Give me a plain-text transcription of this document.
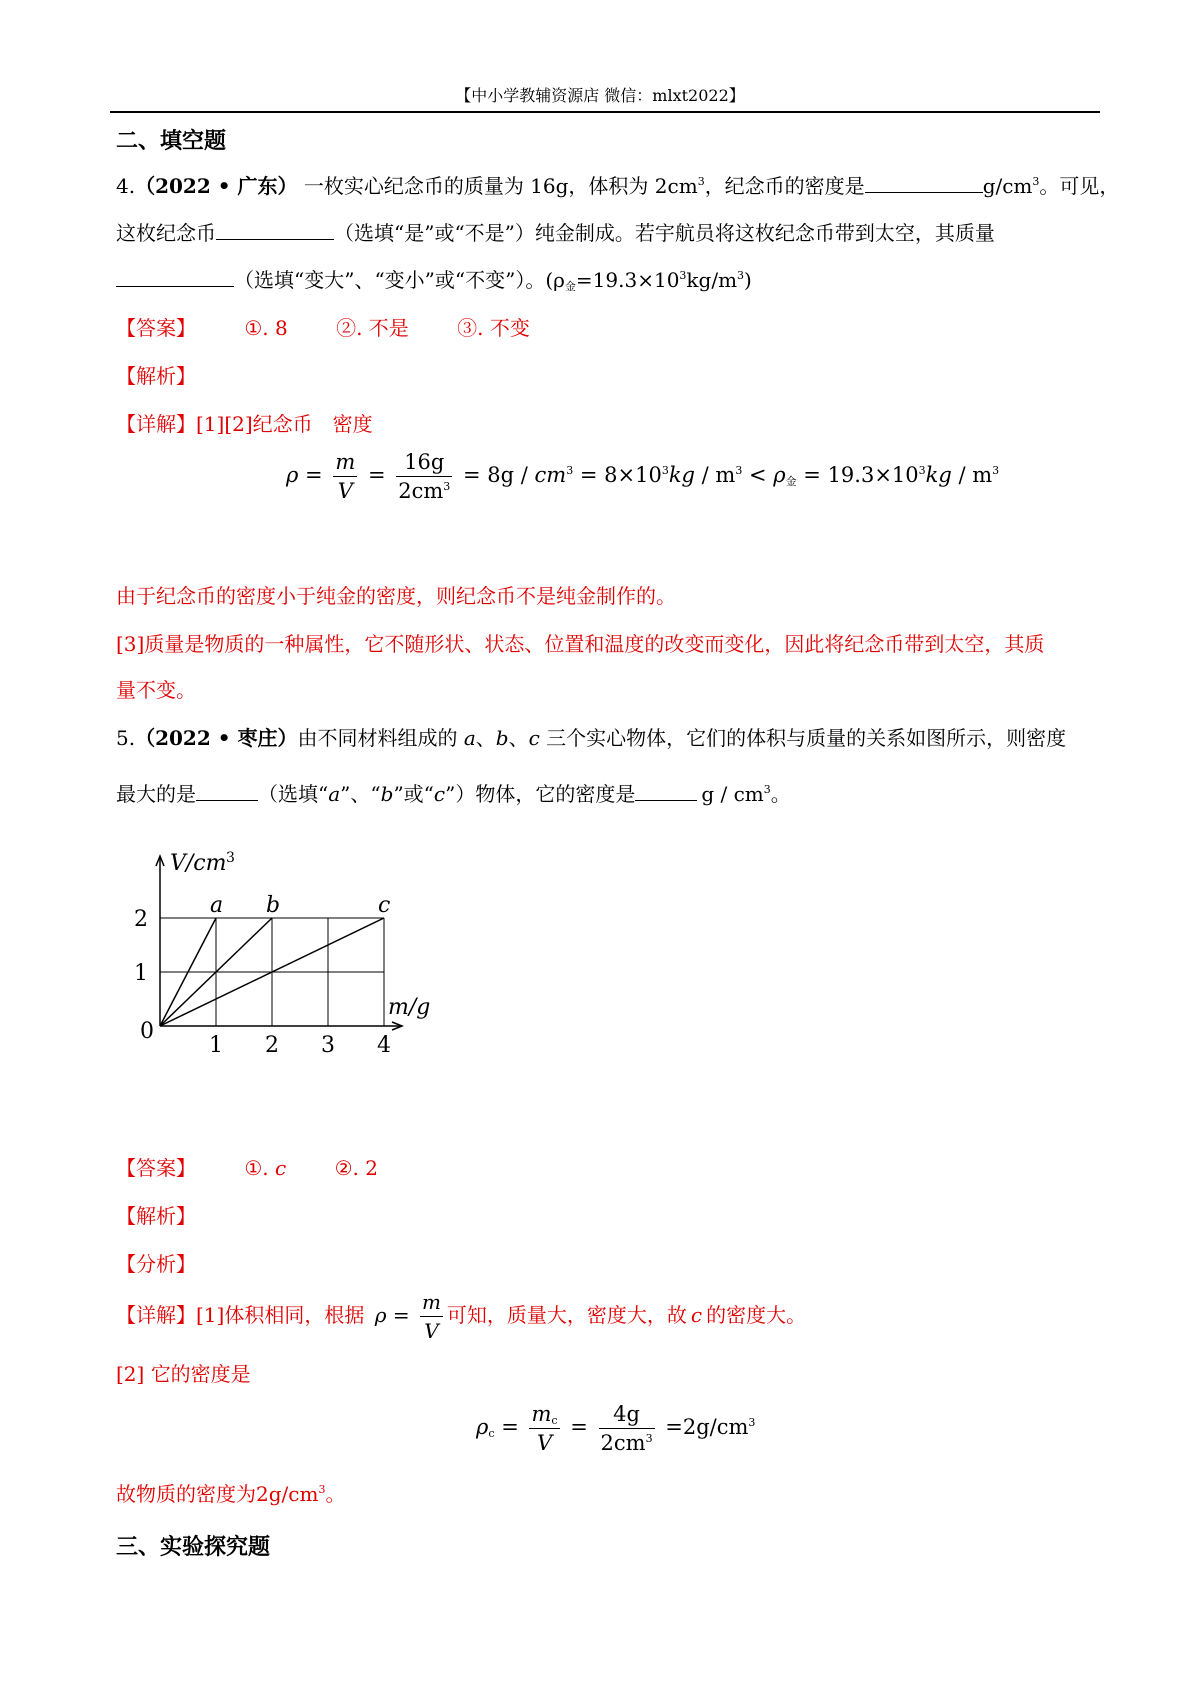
【中小学教辅资源店 微信：mlxt2022】
二、填空题
4.（2022 • 广东） 一枚实心纪念币的质量为 16g，体积为 $2cm^3$，纪念币的密度是	$g/cm^3$。可见，
这枚纪念币	（选填“是”或“不是”）纯金制成。若宇航员将这枚纪念币带到太空，其质量
（选填“变大”、“变小”或“不变”）。$(\rho_金=19.3\times 10^3kg/m^3)$
【答案】 ①. 8 ②. 不是 ③. 不变
【解析】
【详解】[1][2]纪念币　密度
$\rho = \frac{m}{V} = \frac{16g}{2cm^3} = 8g / cm^3 = 8\times 10^3kg / m^3 < \rho_金 = 19.3\times 10^3kg / m^3$
由于纪念币的密度小于纯金的密度，则纪念币不是纯金制作的。
[3]质量是物质的一种属性，它不随形状、状态、位置和温度的改变而变化，因此将纪念币带到太空，其质
量不变。
5.（2022 • 枣庄）由不同材料组成的 a、b、c 三个实心物体，它们的体积与质量的关系如图所示，则密度
最大的是	（选填“a”、“b”或“c”）物体，它的密度是	g / $cm^3$。
V/cm 3
m/g
0
1 2 3 4
1
2
a b	c
【答案】 ①. c ②. 2
【解析】
【分析】
【详解】[1]体积相同，根据 $\rho = \frac{m}{V}$ 可知，质量大，密度大，故 c 的密度大。
[2] 它的密度是
$\rho_c = \frac{m_c}{V} = \frac{4g}{2cm^3} =2g/cm^3$
故物质的密度为$2g/cm^3$。
三、实验探究题
